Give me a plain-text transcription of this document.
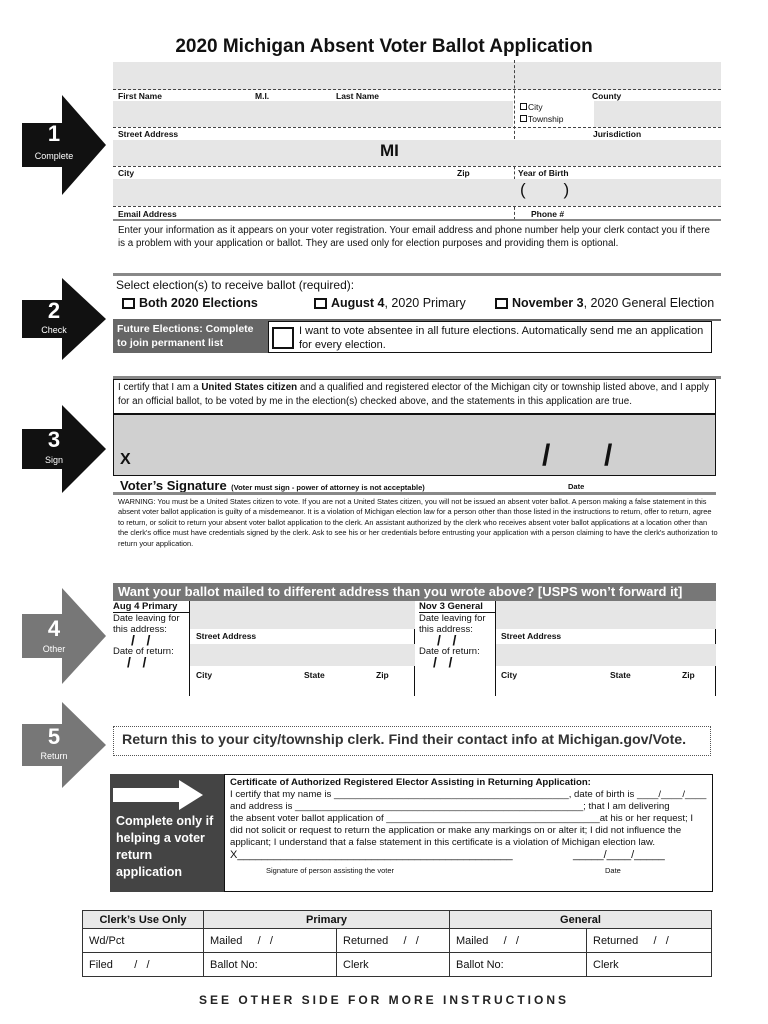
2020 Michigan Absent Voter Ballot Application
1
Complete
2
Check
3
Sign
4
Other
5
Return
First Name	M.I.	Last Name	County
City
Township
Street Address	Jurisdiction
MI
City	Zip	Year of Birth
(        )
Email Address	Phone #
Enter your information as it appears on your voter registration. Your email address and phone number help your clerk contact you if there is a problem with your application or ballot. They are used only for election purposes and providing them is optional.
Select election(s) to receive ballot (required):
Both 2020 Elections	August 4, 2020 Primary	November 3, 2020 General Election
Future Elections: Complete to join permanent list
I want to vote absentee in all future elections. Automatically send me an application for every election.
I certify that I am a United States citizen and a qualified and registered elector of the Michigan city or township listed above, and I apply for an official ballot, to be voted by me in the election(s) checked above, and the statements in this application are true.
X	/ /
Voter’s Signature (Voter must sign - power of attorney is not acceptable)	Date
WARNING: You must be a United States citizen to vote. If you are not a United States citizen, you will not be issued an absent voter ballot. A person making a false statement in this absent voter ballot application is guilty of a misdemeanor. It is a violation of Michigan election law for a person other than those listed in the instructions to return, offer to return, agree to return, or solicit to return your absent voter ballot application to the clerk. An assistant authorized by the clerk who receives absent voter ballot applications at a location other than the clerk's office must have credentials signed by the clerk. Ask to see his or her credentials before entrusting your application with a person claiming to have the clerk's authorization to return your application.
Want your ballot mailed to different address than you wrote above? [USPS won’t forward it]
Aug 4 Primary
Date leaving for this address:
/   /
Date of return:
/   /
Street Address
City	State	Zip
Nov 3 General
Date leaving for this address:
/   /
Date of return:
/   /
Street Address
City	State	Zip
Return this to your city/township clerk. Find their contact info at Michigan.gov/Vote.
Complete only if helping a voter return application
Certificate of Authorized Registered Elector Assisting in Returning Application:
I certify that my name is ____________________________________________, date of birth is ____/____/____
and address is ______________________________________________________; that I am delivering
the absent voter ballot application of ________________________________________at his or her request; I
did not solicit or request to return the application or make any markings on or alter it; I did not influence the
applicant; I understand that a false statement in this certificate is a violation of Michigan election law.
X_____________________________________________	_____/____/_____
Signature of person assisting the voter	Date
Clerk’s Use Only	Primary		General	
Wd/Pct	Mailed     /   /	Returned     /   /	Mailed     /   /	Returned     /   /
Filed       /   /	Ballot No:	Clerk	Ballot No:	Clerk
SEE OTHER SIDE FOR MORE INSTRUCTIONS
